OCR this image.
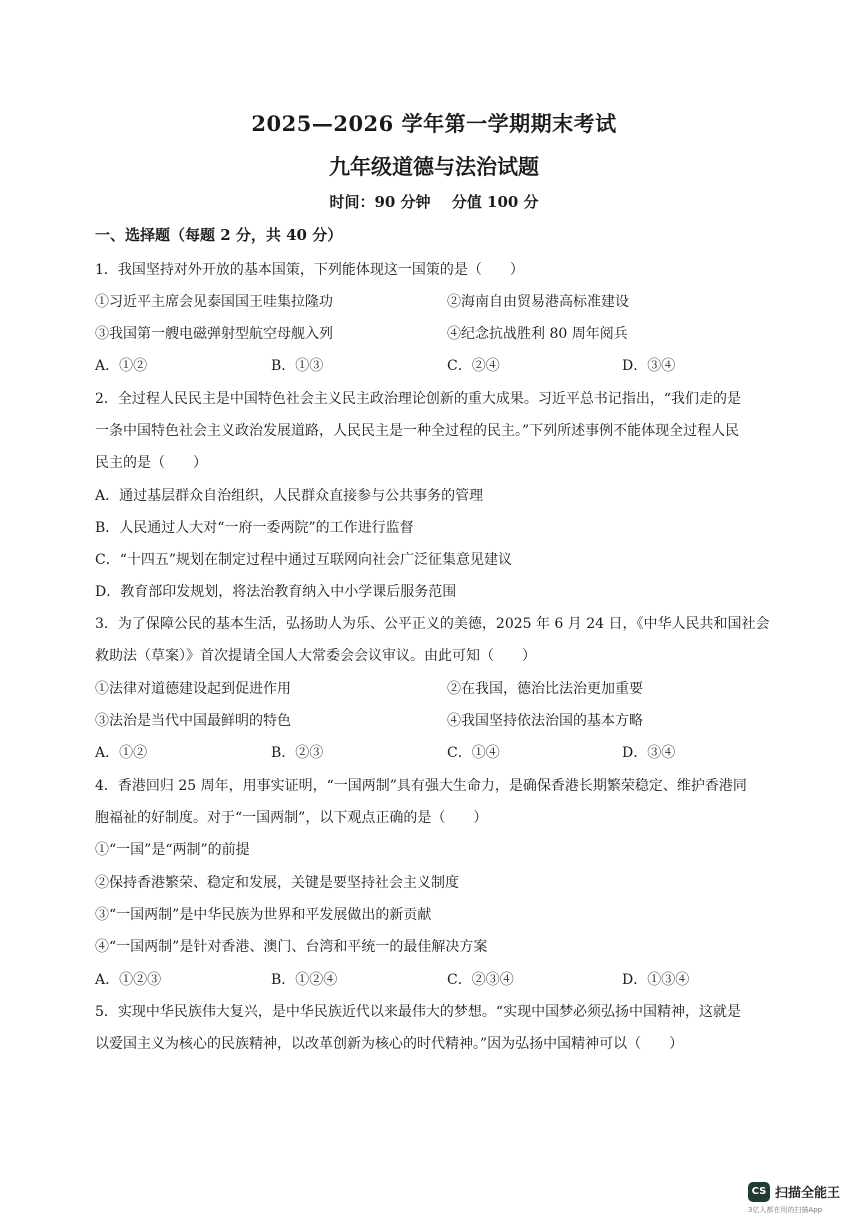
2025—2026 学年第一学期期末考试
九年级道德与法治试题
时间：90 分钟 分值 100 分
一、选择题（每题 2 分，共 40 分）
1．我国坚持对外开放的基本国策，下列能体现这一国策的是（　　）
①习近平主席会见泰国国王哇集拉隆功	②海南自由贸易港高标准建设
③我国第一艘电磁弹射型航空母舰入列	④纪念抗战胜利 80 周年阅兵
A．①②	B．①③	C．②④	D．③④
2．全过程人民民主是中国特色社会主义民主政治理论创新的重大成果。习近平总书记指出，“我们走的是
一条中国特色社会主义政治发展道路，人民民主是一种全过程的民主。”下列所述事例不能体现全过程人民
民主的是（　　）
A．通过基层群众自治组织，人民群众直接参与公共事务的管理
B．人民通过人大对“一府一委两院”的工作进行监督
C．“十四五”规划在制定过程中通过互联网向社会广泛征集意见建议
D．教育部印发规划，将法治教育纳入中小学课后服务范围
3．为了保障公民的基本生活，弘扬助人为乐、公平正义的美德，2025 年 6 月 24 日，《中华人民共和国社会
救助法（草案）》首次提请全国人大常委会会议审议。由此可知（　　）
①法律对道德建设起到促进作用	②在我国，德治比法治更加重要
③法治是当代中国最鲜明的特色	④我国坚持依法治国的基本方略
A．①②	B．②③	C．①④	D．③④
4．香港回归 25 周年，用事实证明，“一国两制”具有强大生命力，是确保香港长期繁荣稳定、维护香港同
胞福祉的好制度。对于“一国两制”，以下观点正确的是（　　）
①“一国”是“两制”的前提
②保持香港繁荣、稳定和发展，关键是要坚持社会主义制度
③“一国两制”是中华民族为世界和平发展做出的新贡献
④“一国两制”是针对香港、澳门、台湾和平统一的最佳解决方案
A．①②③	B．①②④	C．②③④	D．①③④
5．实现中华民族伟大复兴，是中华民族近代以来最伟大的梦想。“实现中国梦必须弘扬中国精神，这就是
以爱国主义为核心的民族精神，以改革创新为核心的时代精神。”因为弘扬中国精神可以（　　）
CS 扫描全能王
3亿人都在用的扫描App
